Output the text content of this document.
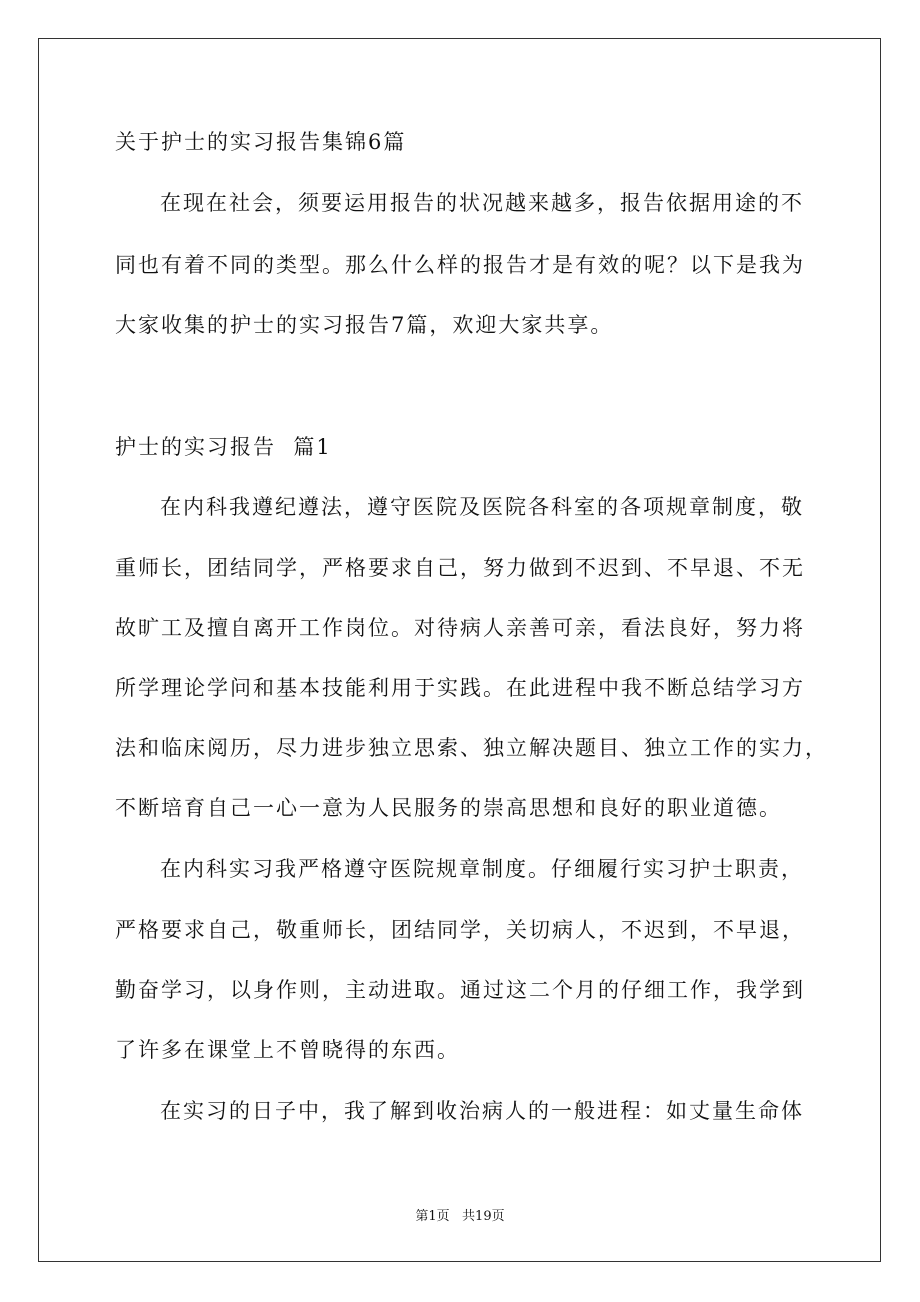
关于护士的实习报告集锦6篇
在现在社会，须要运用报告的状况越来越多，报告依据用途的不
同也有着不同的类型。那么什么样的报告才是有效的呢？以下是我为
大家收集的护士的实习报告7篇，欢迎大家共享。
护士的实习报告  篇1
在内科我遵纪遵法，遵守医院及医院各科室的各项规章制度，敬
重师长，团结同学，严格要求自己，努力做到不迟到、不早退、不无
故旷工及擅自离开工作岗位。对待病人亲善可亲，看法良好，努力将
所学理论学问和基本技能利用于实践。在此进程中我不断总结学习方
法和临床阅历，尽力进步独立思索、独立解决题目、独立工作的实力，
不断培育自己一心一意为人民服务的崇高思想和良好的职业道德。
在内科实习我严格遵守医院规章制度。仔细履行实习护士职责，
严格要求自己，敬重师长，团结同学，关切病人，不迟到，不早退，
勤奋学习，以身作则，主动进取。通过这二个月的仔细工作，我学到
了许多在课堂上不曾晓得的东西。
在实习的日子中，我了解到收治病人的一般进程：如丈量生命体
第1页   共19页
